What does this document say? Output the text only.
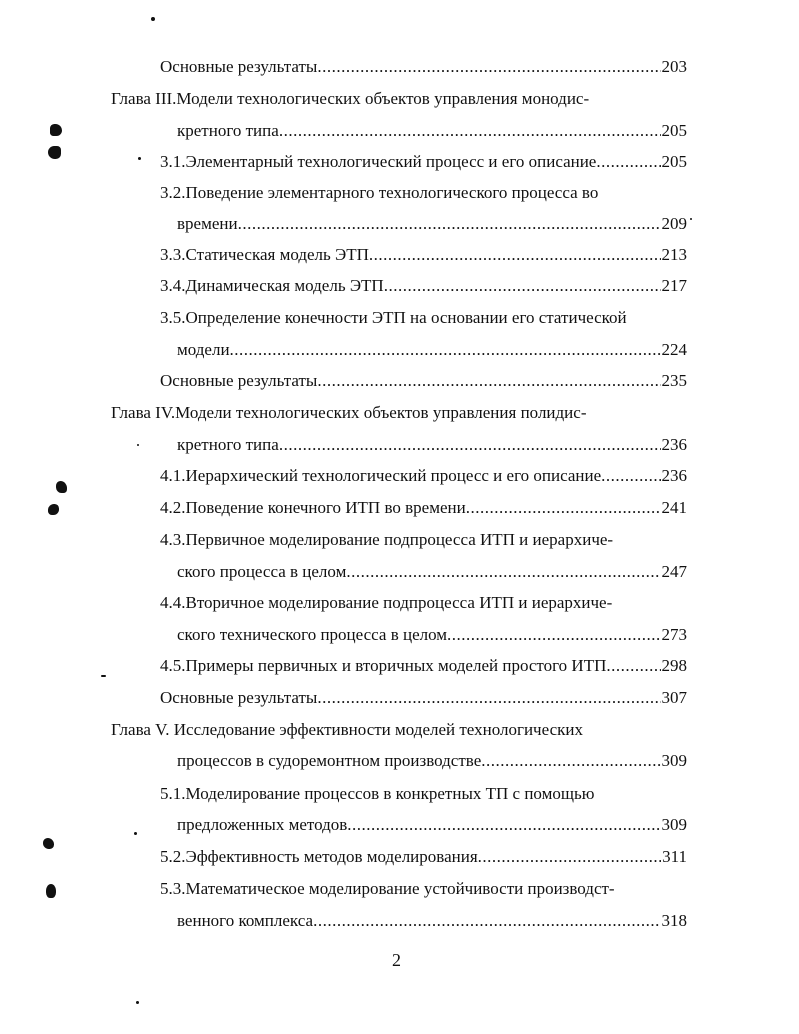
Основные результаты .....	203
Глава III.Модели технологических объектов управления монодис-
кретного типа .....	205
3.1.Элементарный технологический процесс и его описание .....	205
3.2.Поведение элементарного технологического процесса во
времени .....	209
3.3.Статическая модель ЭТП .....	213
3.4.Динамическая модель ЭТП .....	217
3.5.Определение конечности ЭТП на основании его статической
модели .....	224
Основные результаты .....	235
Глава IV.Модели технологических объектов управления полидис-
кретного типа .....	236
4.1.Иерархический технологический процесс и его описание .....	236
4.2.Поведение конечного ИТП во времени .....	241
4.3.Первичное моделирование подпроцесса ИТП и иерархиче-
ского процесса в целом .....	247
4.4.Вторичное моделирование подпроцесса ИТП и иерархиче-
ского технического процесса в целом .....	273
4.5.Примеры первичных и вторичных моделей простого ИТП .....	298
Основные результаты .....	307
Глава V. Исследование эффективности моделей технологических
процессов в судоремонтном производстве .....	309
5.1.Моделирование процессов в конкретных ТП с помощью
предложенных методов .....	309
5.2.Эффективность методов моделирования .....	311
5.3.Математическое моделирование устойчивости производст-
венного комплекса .....	318
2
